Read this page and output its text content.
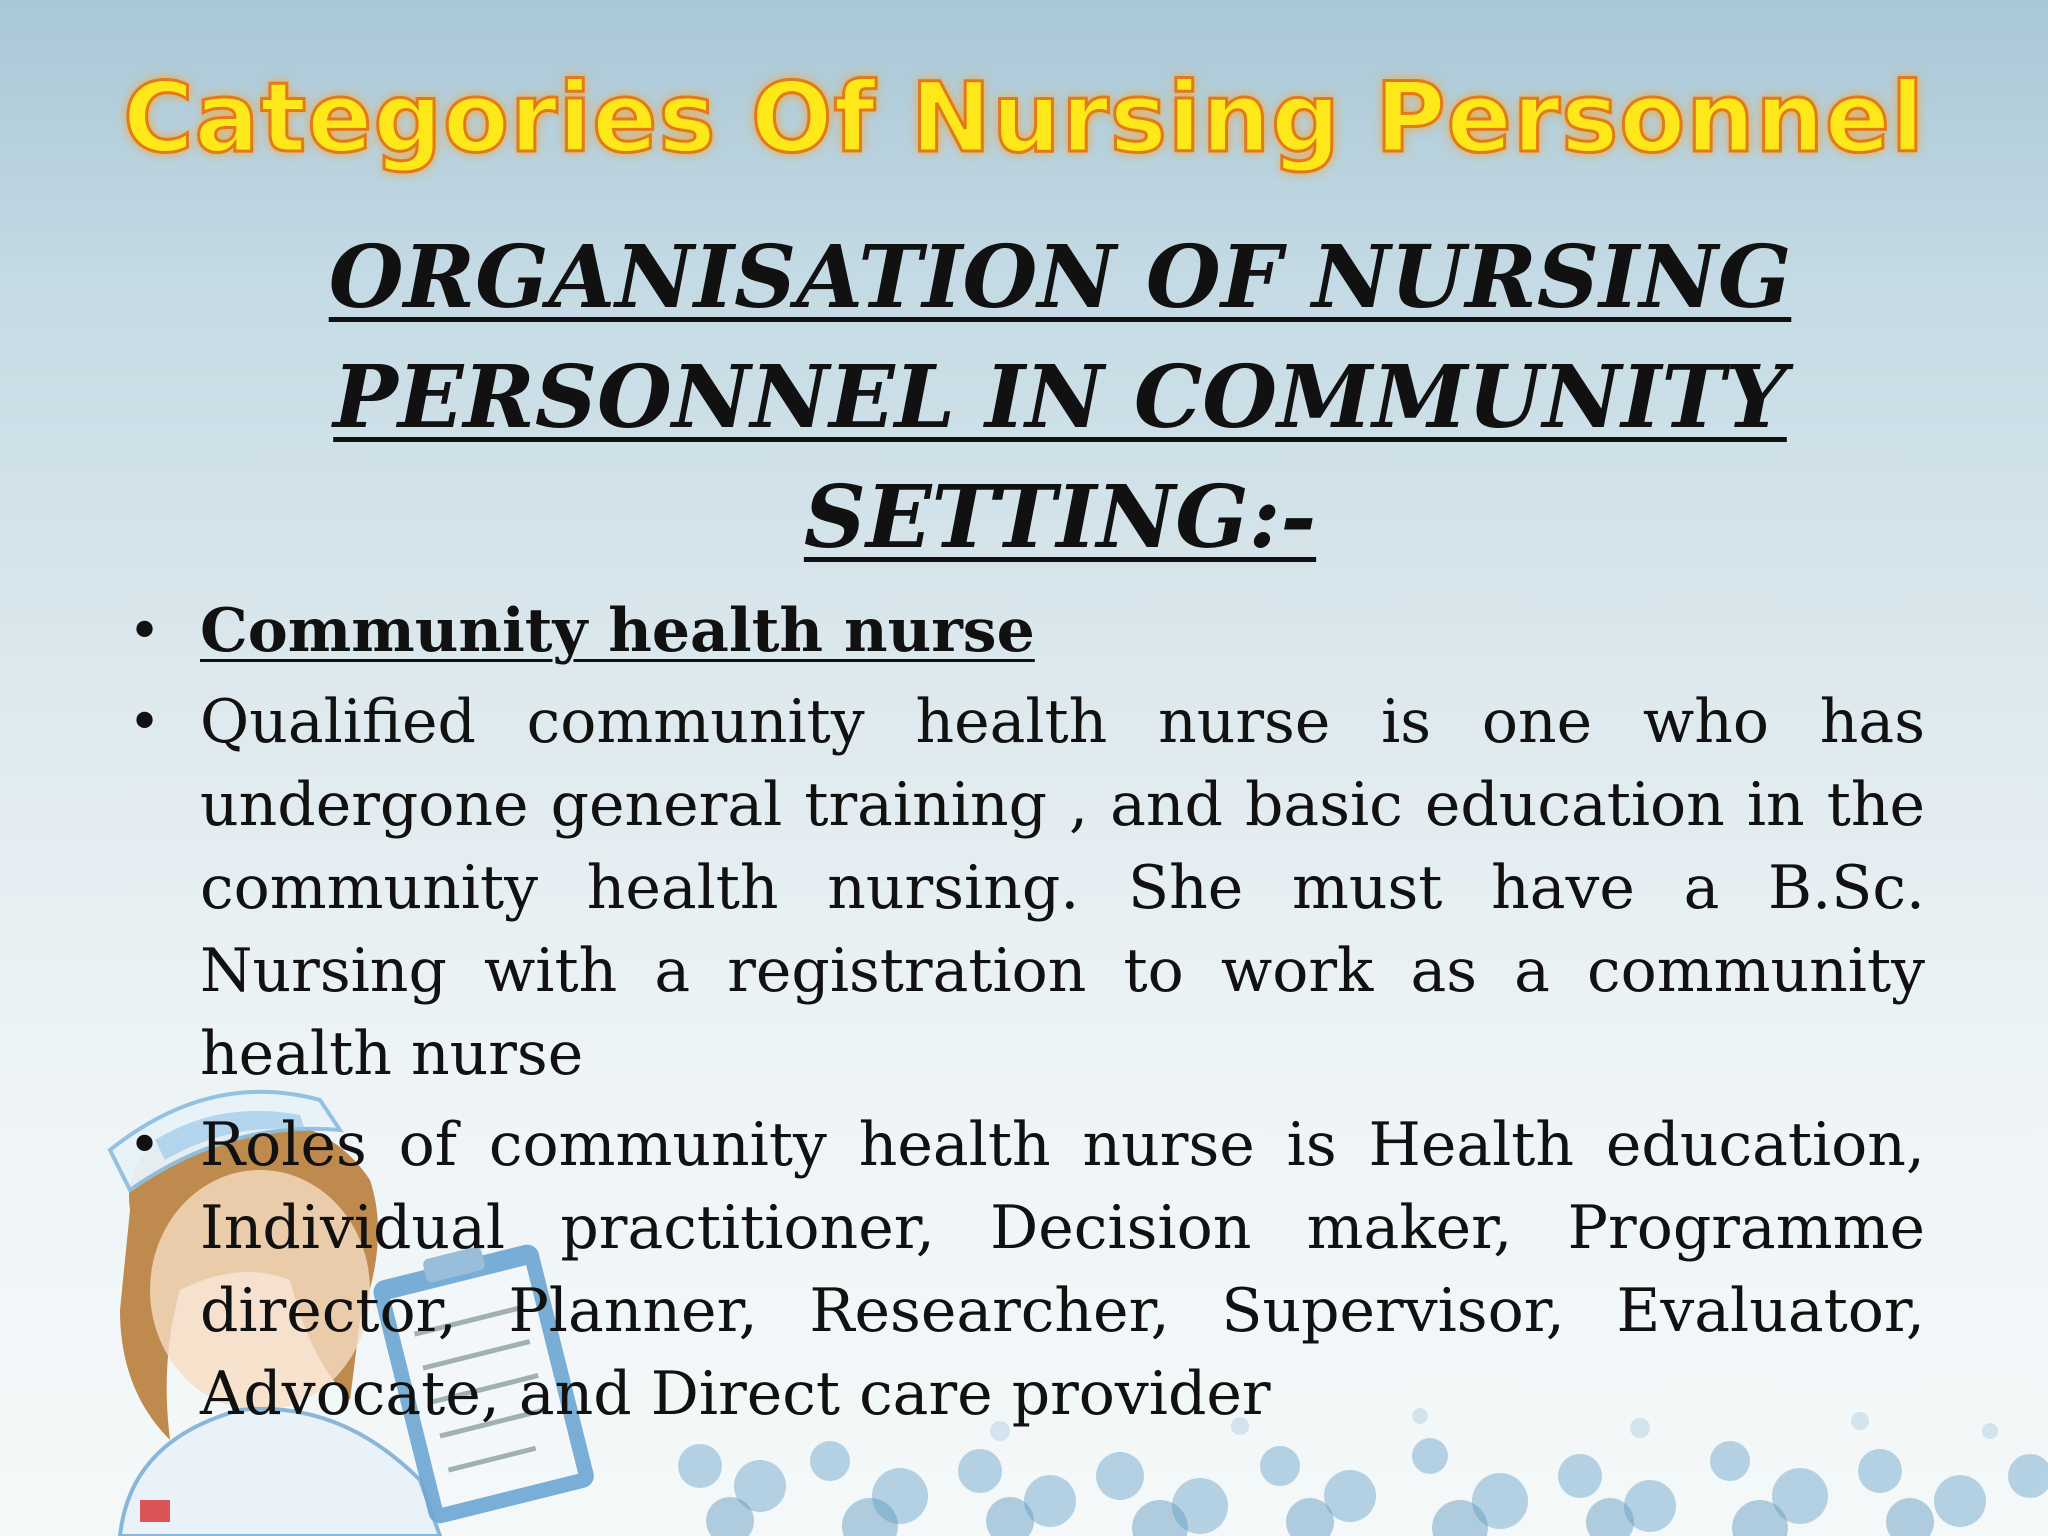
Categories Of Nursing Personnel
ORGANISATION OF NURSING PERSONNEL IN COMMUNITY SETTING:-
• Community health nurse
• Qualified community health nurse is one who has undergone general training , and basic education in the community health nursing. She must have a B.Sc. Nursing with a registration to work as a community health nurse
• Roles of community health nurse is Health education, Individual practitioner, Decision maker, Programme director, Planner, Researcher, Supervisor, Evaluator, Advocate, and Direct care provider
